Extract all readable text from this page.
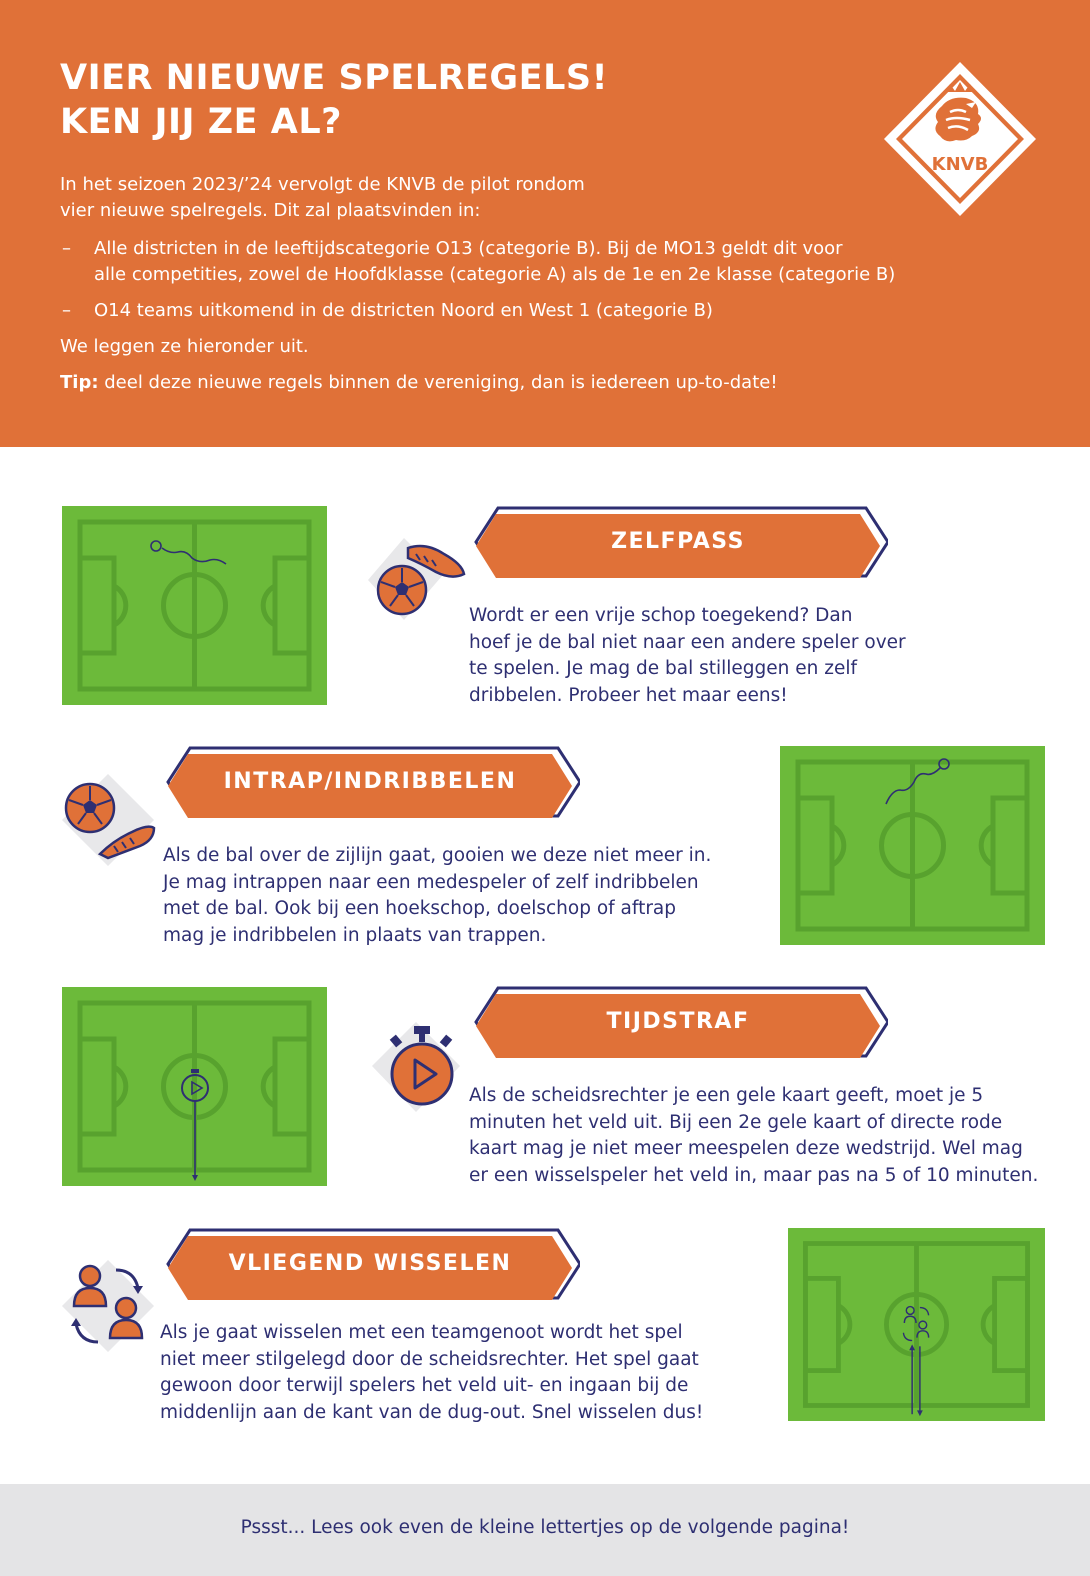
VIER NIEUWE SPELREGELS!
KEN JIJ ZE AL?
KNVB

In het seizoen 2023/’24 vervolgt de KNVB de pilot rondom
vier nieuwe spelregels. Dit zal plaatsvinden in:

– Alle districten in de leeftijdscategorie O13 (categorie B). Bij de MO13 geldt dit voor
alle competities, zowel de Hoofdklasse (categorie A) als de 1e en 2e klasse (categorie B)
– O14 teams uitkomend in de districten Noord en West 1 (categorie B)

We leggen ze hieronder uit.

Tip: deel deze nieuwe regels binnen de vereniging, dan is iedereen up-to-date!

ZELFPASS
Wordt er een vrije schop toegekend? Dan
hoef je de bal niet naar een andere speler over
te spelen. Je mag de bal stilleggen en zelf
dribbelen. Probeer het maar eens!
INTRAP/INDRIBBELEN
Als de bal over de zijlijn gaat, gooien we deze niet meer in.
Je mag intrappen naar een medespeler of zelf indribbelen
met de bal. Ook bij een hoekschop, doelschop of aftrap
mag je indribbelen in plaats van trappen.
TIJDSTRAF
Als de scheidsrechter je een gele kaart geeft, moet je 5
minuten het veld uit. Bij een 2e gele kaart of directe rode
kaart mag je niet meer meespelen deze wedstrijd. Wel mag
er een wisselspeler het veld in, maar pas na 5 of 10 minuten.
VLIEGEND WISSELEN
Als je gaat wisselen met een teamgenoot wordt het spel
niet meer stilgelegd door de scheidsrechter. Het spel gaat
gewoon door terwijl spelers het veld uit- en ingaan bij de
middenlijn aan de kant van de dug-out. Snel wisselen dus!
Pssst... Lees ook even de kleine lettertjes op de volgende pagina!
